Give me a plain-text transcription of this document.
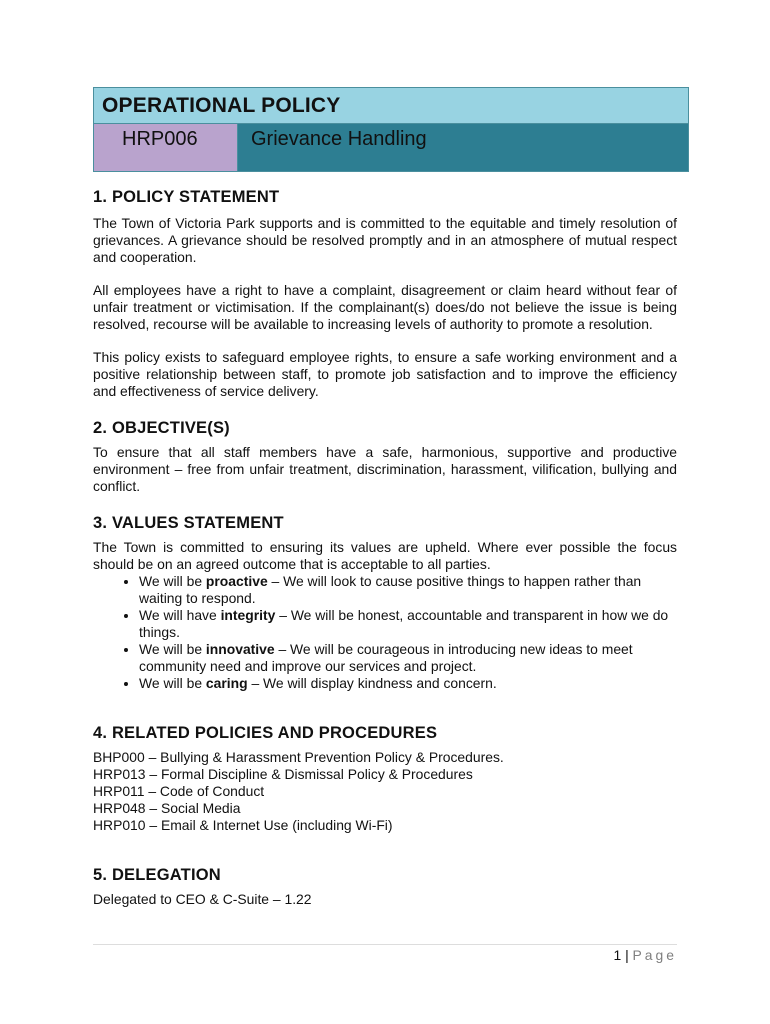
OPERATIONAL POLICY
HRP006	Grievance Handling
1. POLICY STATEMENT

The Town of Victoria Park supports and is committed to the equitable and timely resolution of grievances. A grievance should be resolved promptly and in an atmosphere of mutual respect and cooperation.

All employees have a right to have a complaint, disagreement or claim heard without fear of unfair treatment or victimisation. If the complainant(s) does/do not believe the issue is being resolved, recourse will be available to increasing levels of authority to promote a resolution.

This policy exists to safeguard employee rights, to ensure a safe working environment and a positive relationship between staff, to promote job satisfaction and to improve the efficiency and effectiveness of service delivery.

2. OBJECTIVE(S)

To ensure that all staff members have a safe, harmonious, supportive and productive environment – free from unfair treatment, discrimination, harassment, vilification, bullying and conflict.

3. VALUES STATEMENT

The Town is committed to ensuring its values are upheld. Where ever possible the focus should be on an agreed outcome that is acceptable to all parties.

• We will be proactive – We will look to cause positive things to happen rather than waiting to respond.
• We will have integrity – We will be honest, accountable and transparent in how we do things.
• We will be innovative – We will be courageous in introducing new ideas to meet community need and improve our services and project.
• We will be caring – We will display kindness and concern.
4. RELATED POLICIES AND PROCEDURES
BHP000 – Bullying & Harassment Prevention Policy & Procedures.
HRP013 – Formal Discipline & Dismissal Policy & Procedures
HRP011 – Code of Conduct
HRP048 – Social Media
HRP010 – Email & Internet Use (including Wi-Fi)
5. DELEGATION

Delegated to CEO & C-Suite – 1.22

1 | Page
